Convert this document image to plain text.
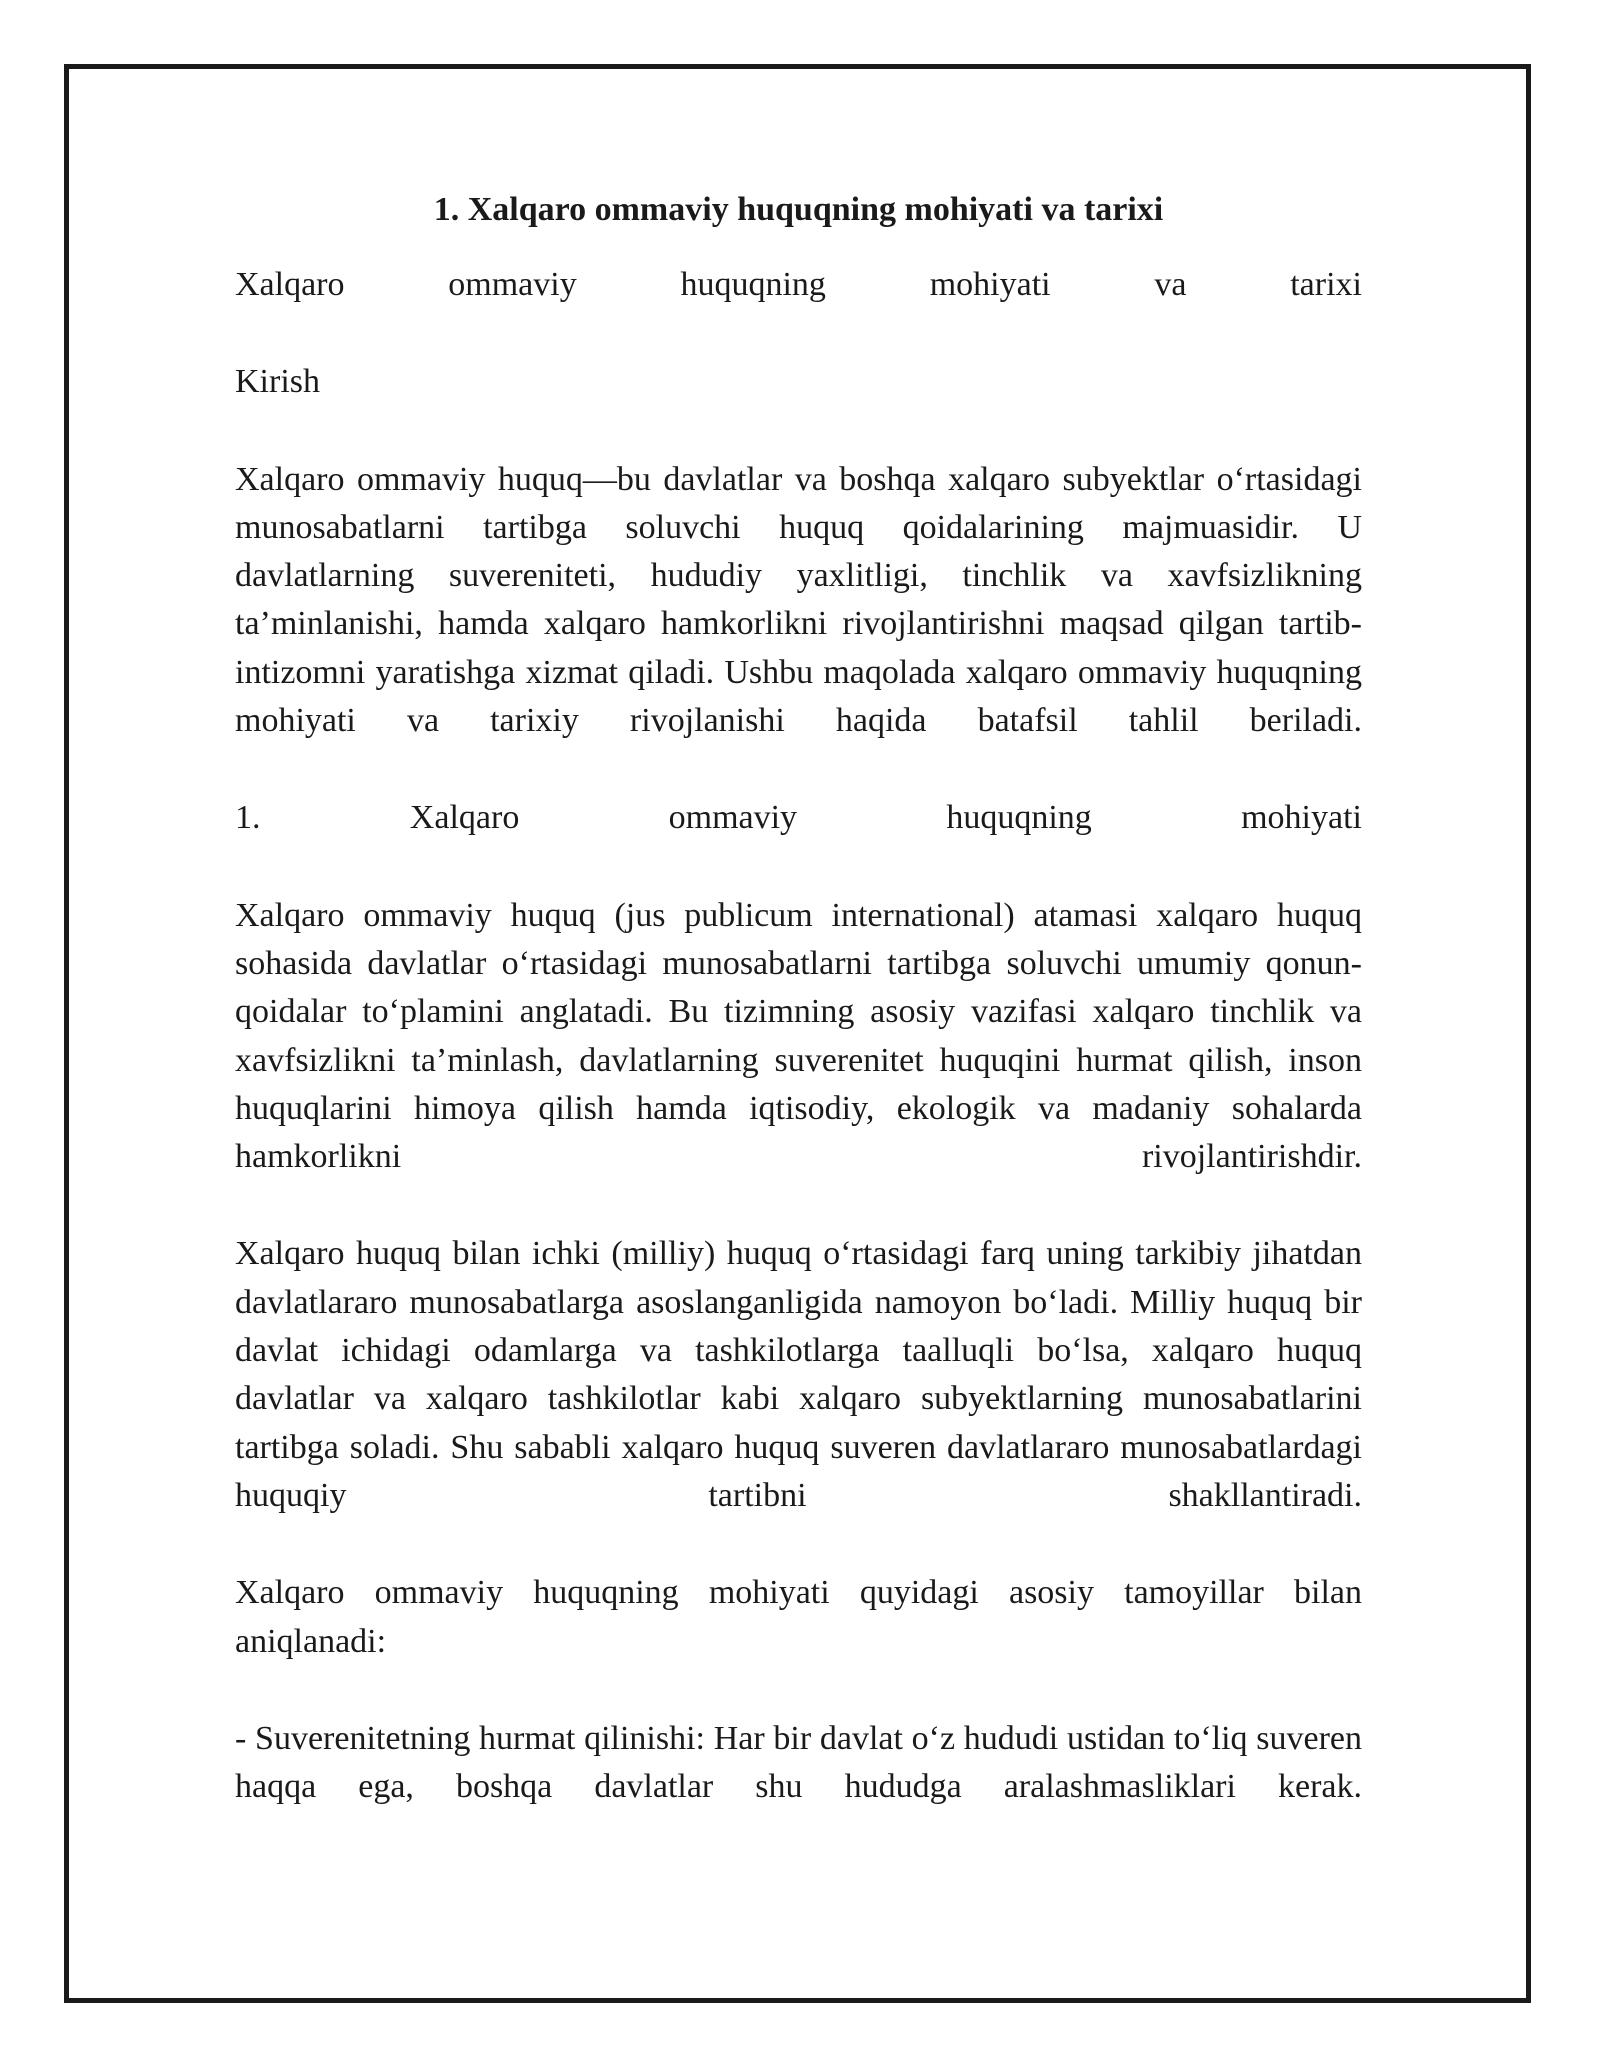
1. Xalqaro ommaviy huquqning mohiyati va tarixi
Xalqaro ommaviy huquqning mohiyati va tarixi
Kirish
Xalqaro ommaviy huquq—bu davlatlar va boshqa xalqaro subyektlar o‘rtasidagi munosabatlarni tartibga soluvchi huquq qoidalarining majmuasidir. U davlatlarning suvereniteti, hududiy yaxlitligi, tinchlik va xavfsizlikning ta’minlanishi, hamda xalqaro hamkorlikni rivojlantirishni maqsad qilgan tartib-intizomni yaratishga xizmat qiladi. Ushbu maqolada xalqaro ommaviy huquqning mohiyati va tarixiy rivojlanishi haqida batafsil tahlil beriladi.
1. Xalqaro ommaviy huquqning mohiyati
Xalqaro ommaviy huquq (jus publicum international) atamasi xalqaro huquq sohasida davlatlar o‘rtasidagi munosabatlarni tartibga soluvchi umumiy qonun-qoidalar to‘plamini anglatadi. Bu tizimning asosiy vazifasi xalqaro tinchlik va xavfsizlikni ta’minlash, davlatlarning suverenitet huquqini hurmat qilish, inson huquqlarini himoya qilish hamda iqtisodiy, ekologik va madaniy sohalarda hamkorlikni rivojlantirishdir.
Xalqaro huquq bilan ichki (milliy) huquq o‘rtasidagi farq uning tarkibiy jihatdan davlatlararo munosabatlarga asoslanganligida namoyon bo‘ladi. Milliy huquq bir davlat ichidagi odamlarga va tashkilotlarga taalluqli bo‘lsa, xalqaro huquq davlatlar va xalqaro tashkilotlar kabi xalqaro subyektlarning munosabatlarini tartibga soladi. Shu sababli xalqaro huquq suveren davlatlararo munosabatlardagi huquqiy tartibni shakllantiradi.
Xalqaro ommaviy huquqning mohiyati quyidagi asosiy tamoyillar bilan aniqlanadi:
- Suverenitetning hurmat qilinishi: Har bir davlat o‘z hududi ustidan to‘liq suveren haqqa ega, boshqa davlatlar shu hududga aralashmasliklari kerak.
